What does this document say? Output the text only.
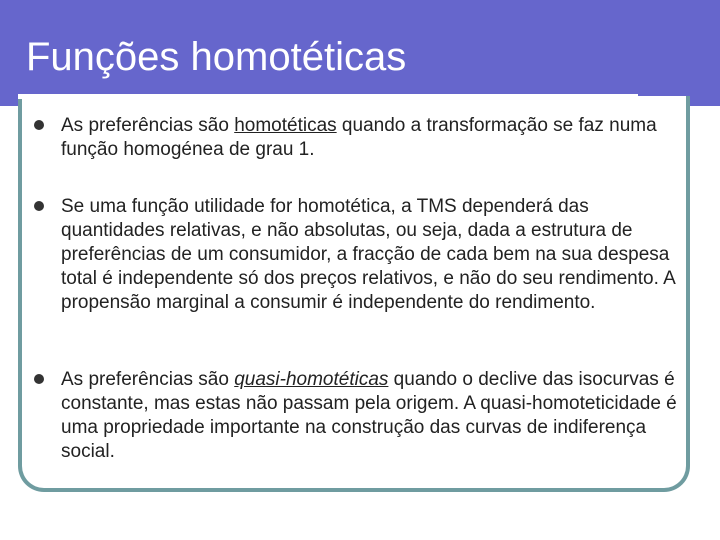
Funções homotéticas
As preferências são homotéticas quando a transformação se faz numa função homogénea de grau 1.
Se uma função utilidade for homotética, a TMS dependerá das quantidades relativas, e não absolutas, ou seja, dada a estrutura de preferências de um consumidor, a fracção de cada bem na sua despesa total é independente só dos preços relativos, e não do seu rendimento. A propensão marginal a consumir é independente do rendimento.
As preferências são quasi-homotéticas quando o declive das isocurvas é constante, mas estas não passam pela origem. A quasi-homoteticidade é uma propriedade importante na construção das curvas de indiferença social.
